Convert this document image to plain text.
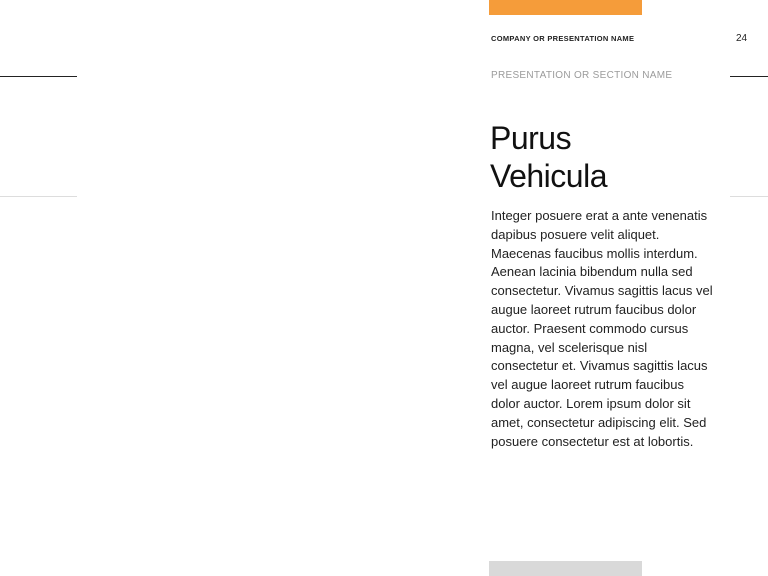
COMPANY OR PRESENTATION NAME	24
PRESENTATION OR SECTION NAME
Purus
Vehicula
Integer posuere erat a ante venenatis dapibus posuere velit aliquet. Maecenas faucibus mollis interdum. Aenean lacinia bibendum nulla sed consectetur. Vivamus sagittis lacus vel augue laoreet rutrum faucibus dolor auctor. Praesent commodo cursus magna, vel scelerisque nisl consectetur et. Vivamus sagittis lacus vel augue laoreet rutrum faucibus dolor auctor. Lorem ipsum dolor sit amet, consectetur adipiscing elit. Sed posuere consectetur est at lobortis.
